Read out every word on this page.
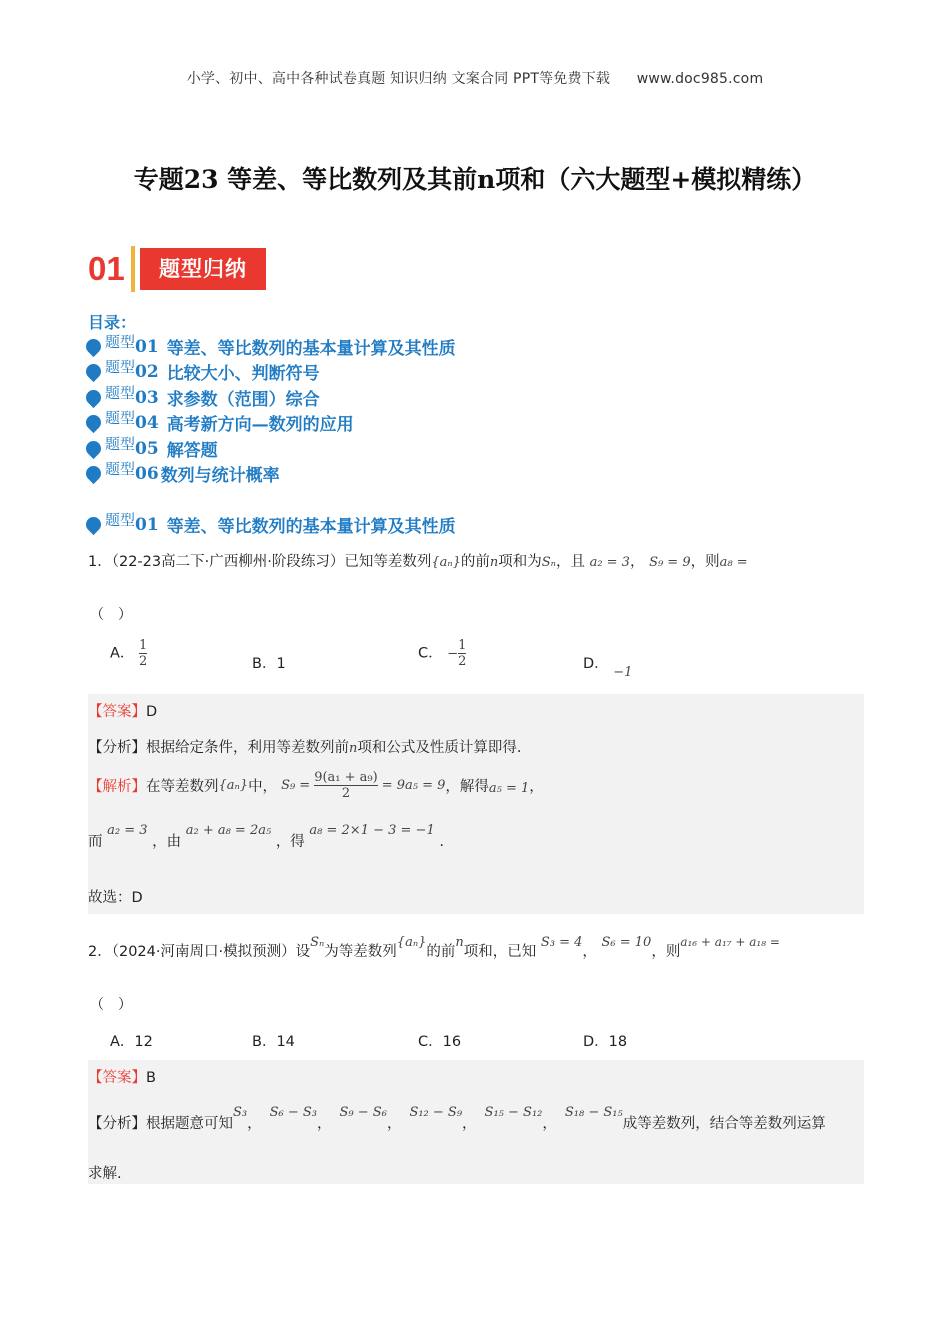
小学、初中、高中各种试卷真题 知识归纳 文案合同 PPT等免费下载 www.doc985.com
专题23 等差、等比数列及其前n项和（六大题型+模拟精练）
01	题型归纳
目录：
题型 01 等差、等比数列的基本量计算及其性质
题型 02 比较大小、判断符号
题型 03 求参数（范围）综合
题型 04 高考新方向—数列的应用
题型 05 解答题
题型 06 数列与统计概率
题型 01 等差、等比数列的基本量计算及其性质
1．（22-23高二下·广西柳州·阶段练习）已知等差数列{aₙ}的前n项和为Sₙ，且 a₂ = 3， S₉ = 9，则a₈ =
（　）
A． $\frac{1}{2}$	B．1
C． − $\frac{1}{2}$	D． −1
【答案】D
【分析】根据给定条件，利用等差数列前n项和公式及性质计算即得.
【解析】 在等差数列 {aₙ} 中， $S_9 = \frac{\text{9(a₁ + a₉)}}{2} = 9a_5 = 9$ ，解得 a₅ = 1 ，
而 a₂ = 3 ，由 a₂ + a₈ = 2a₅ ，得 a₈ = 2×1 − 3 = −1 .
故选：D
2．（2024·河南周口·模拟预测）设Sₙ为等差数列{aₙ}的前n项和，已知 S₃ = 4， S₆ = 10，则$^{a_{16} + a_{17} + a_{18} =}$
（　）
A．12	B．14	C．16	D．18
【答案】B
【分析】根据题意可知S₃，S₆ − S₃，S₉ − S₆，S₁₂ − S₉，S₁₅ − S₁₂，S₁₈ − S₁₅成等差数列，结合等差数列运算
求解.
